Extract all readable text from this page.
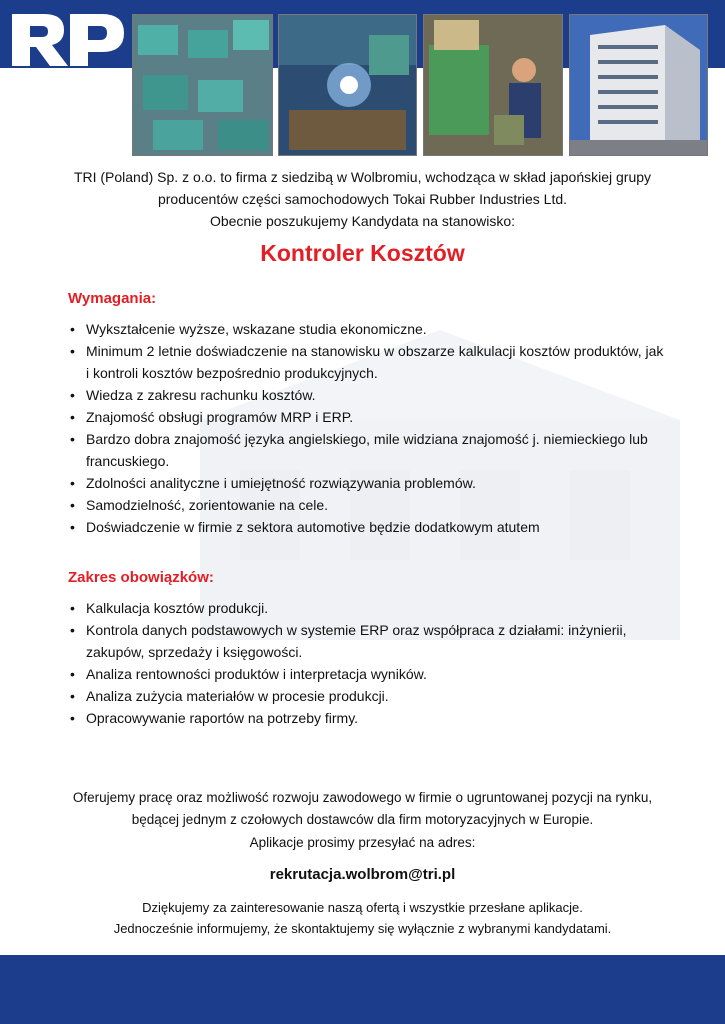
TRI (Poland) Sp. z o.o. to firma z siedzibą w Wolbromiu, wchodząca w skład japońskiej grupy
producentów części samochodowych Tokai Rubber Industries Ltd.
Obecnie poszukujemy Kandydata na stanowisko:
Kontroler Kosztów
Wymagania:
• Wykształcenie wyższe, wskazane studia ekonomiczne.
• Minimum 2 letnie doświadczenie na stanowisku w obszarze kalkulacji kosztów produktów, jak i kontroli kosztów bezpośrednio produkcyjnych.
• Wiedza z zakresu rachunku kosztów.
• Znajomość obsługi programów MRP i ERP.
• Bardzo dobra znajomość języka angielskiego, mile widziana znajomość j. niemieckiego lub francuskiego.
• Zdolności analityczne i umiejętność rozwiązywania problemów.
• Samodzielność, zorientowanie na cele.
• Doświadczenie w firmie z sektora automotive będzie dodatkowym atutem
Zakres obowiązków:
• Kalkulacja kosztów produkcji.
• Kontrola danych podstawowych w systemie ERP oraz współpraca z działami: inżynierii, zakupów, sprzedaży i księgowości.
• Analiza rentowności produktów i interpretacja wyników.
• Analiza zużycia materiałów w procesie produkcji.
• Opracowywanie raportów na potrzeby firmy.
Oferujemy pracę oraz możliwość rozwoju zawodowego w firmie o ugruntowanej pozycji na rynku,
będącej jednym z czołowych dostawców dla firm motoryzacyjnych w Europie.
Aplikacje prosimy przesyłać na adres:
rekrutacja.wolbrom@tri.pl
Dziękujemy za zainteresowanie naszą ofertą i wszystkie przesłane aplikacje.
Jednocześnie informujemy, że skontaktujemy się wyłącznie z wybranymi kandydatami.
